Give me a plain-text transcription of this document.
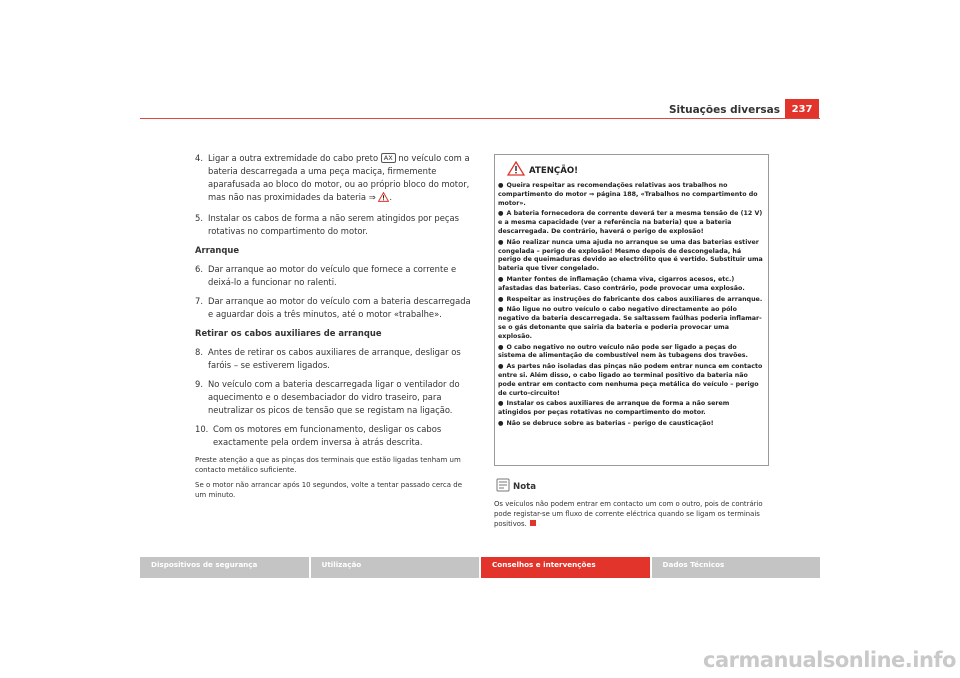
Situações diversas	237
4. Ligar a outra extremidade do cabo preto AX no veículo com a bateria descarregada a uma peça maciça, firmemente aparafusada ao bloco do motor, ou ao próprio bloco do motor, mas não nas proximidades da bateria ⇒ .
5. Instalar os cabos de forma a não serem atingidos por peças rotativas no compartimento do motor.
Arranque
6. Dar arranque ao motor do veículo que fornece a corrente e deixá-lo a funcionar no ralenti.
7. Dar arranque ao motor do veículo com a bateria descarregada e aguardar dois a três minutos, até o motor «trabalhe».
Retirar os cabos auxiliares de arranque
8. Antes de retirar os cabos auxiliares de arranque, desligar os faróis – se estiverem ligados.
9. No veículo com a bateria descarregada ligar o ventilador do aquecimento e o desembaciador do vidro traseiro, para neutralizar os picos de tensão que se registam na ligação.
10. Com os motores em funcionamento, desligar os cabos exactamente pela ordem inversa à atrás descrita.
Preste atenção a que as pinças dos terminais que estão ligadas tenham um contacto metálico suficiente.
Se o motor não arrancar após 10 segundos, volte a tentar passado cerca de um minuto.
ATENÇÃO!
● Queira respeitar as recomendações relativas aos trabalhos no compartimento do motor ⇒ página 188, «Trabalhos no compartimento do motor».
● A bateria fornecedora de corrente deverá ter a mesma tensão de (12 V) e a mesma capacidade (ver a referência na bateria) que a bateria descarregada. De contrário, haverá o perigo de explosão!
● Não realizar nunca uma ajuda no arranque se uma das baterias estiver congelada – perigo de explosão! Mesmo depois de descongelada, há perigo de queimaduras devido ao electrólito que é vertido. Substituir uma bateria que tiver congelado.
● Manter fontes de inflamação (chama viva, cigarros acesos, etc.) afastadas das baterias. Caso contrário, pode provocar uma explosão.
● Respeitar as instruções do fabricante dos cabos auxiliares de arranque.
● Não ligue no outro veículo o cabo negativo directamente ao pólo negativo da bateria descarregada. Se saltassem faúlhas poderia inflamar-se o gás detonante que sairia da bateria e poderia provocar uma explosão.
● O cabo negativo no outro veículo não pode ser ligado a peças do sistema de alimentação de combustível nem às tubagens dos travões.
● As partes não isoladas das pinças não podem entrar nunca em contacto entre si. Além disso, o cabo ligado ao terminal positivo da bateria não pode entrar em contacto com nenhuma peça metálica do veículo – perigo de curto-circuito!
● Instalar os cabos auxiliares de arranque de forma a não serem atingidos por peças rotativas no compartimento do motor.
● Não se debruce sobre as baterias – perigo de causticação!
Nota
Os veículos não podem entrar em contacto um com o outro, pois de contrário pode registar-se um fluxo de corrente eléctrica quando se ligam os terminais positivos.
Dispositivos de segurança	Utilização	Conselhos e intervenções	Dados Técnicos
carmanualsonline.info
